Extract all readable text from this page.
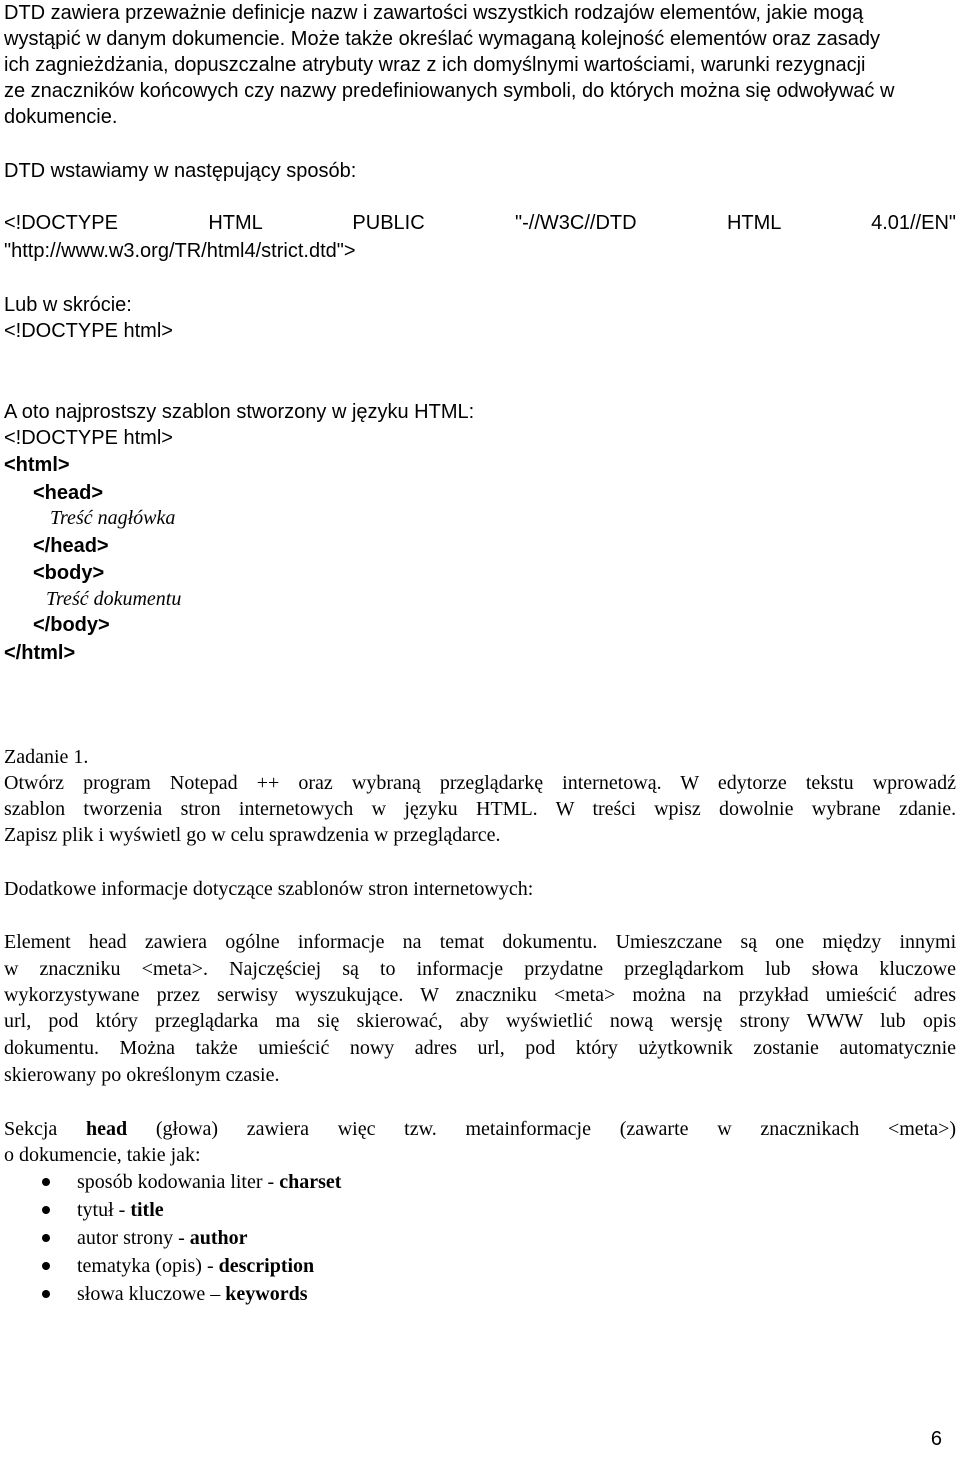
DTD zawiera przeważnie definicje nazw i zawartości wszystkich rodzajów elementów, jakie mogą
wystąpić w danym dokumencie. Może także określać wymaganą kolejność elementów oraz zasady
ich zagnieżdżania, dopuszczalne atrybuty wraz z ich domyślnymi wartościami, warunki rezygnacji
ze znaczników końcowych czy nazwy predefiniowanych symboli, do których można się odwoływać w
dokumencie.
DTD wstawiamy w następujący sposób:
<!DOCTYPE	HTML	PUBLIC	"-//W3C//DTD	HTML	4.01//EN"
"http://www.w3.org/TR/html4/strict.dtd">
Lub w skrócie:
<!DOCTYPE html>
A oto najprostszy szablon stworzony w języku HTML:
<!DOCTYPE html>
<html>
<head>
Treść nagłówka
</head>
<body>
Treść dokumentu
</body>
</html>
Zadanie 1.
Otwórz program Notepad ++ oraz wybraną przeglądarkę internetową. W edytorze tekstu wprowadź
szablon tworzenia stron internetowych w języku HTML. W treści wpisz dowolnie wybrane zdanie.
Zapisz plik i wyświetl go w celu sprawdzenia w przeglądarce.
Dodatkowe informacje dotyczące szablonów stron internetowych:
Element head zawiera ogólne informacje na temat dokumentu. Umieszczane są one między innymi
w znaczniku <meta>. Najczęściej są to informacje przydatne przeglądarkom lub słowa kluczowe
wykorzystywane przez serwisy wyszukujące. W znaczniku <meta> można na przykład umieścić adres
url, pod który przeglądarka ma się skierować, aby wyświetlić nową wersję strony WWW lub opis
dokumentu. Można także umieścić nowy adres url, pod który użytkownik zostanie automatycznie
skierowany po określonym czasie.
Sekcja head (głowa) zawiera więc tzw. metainformacje (zawarte w znacznikach <meta>)
o dokumencie, takie jak:
sposób kodowania liter - charset
tytuł - title
autor strony - author
tematyka (opis) - description
słowa kluczowe – keywords
6
